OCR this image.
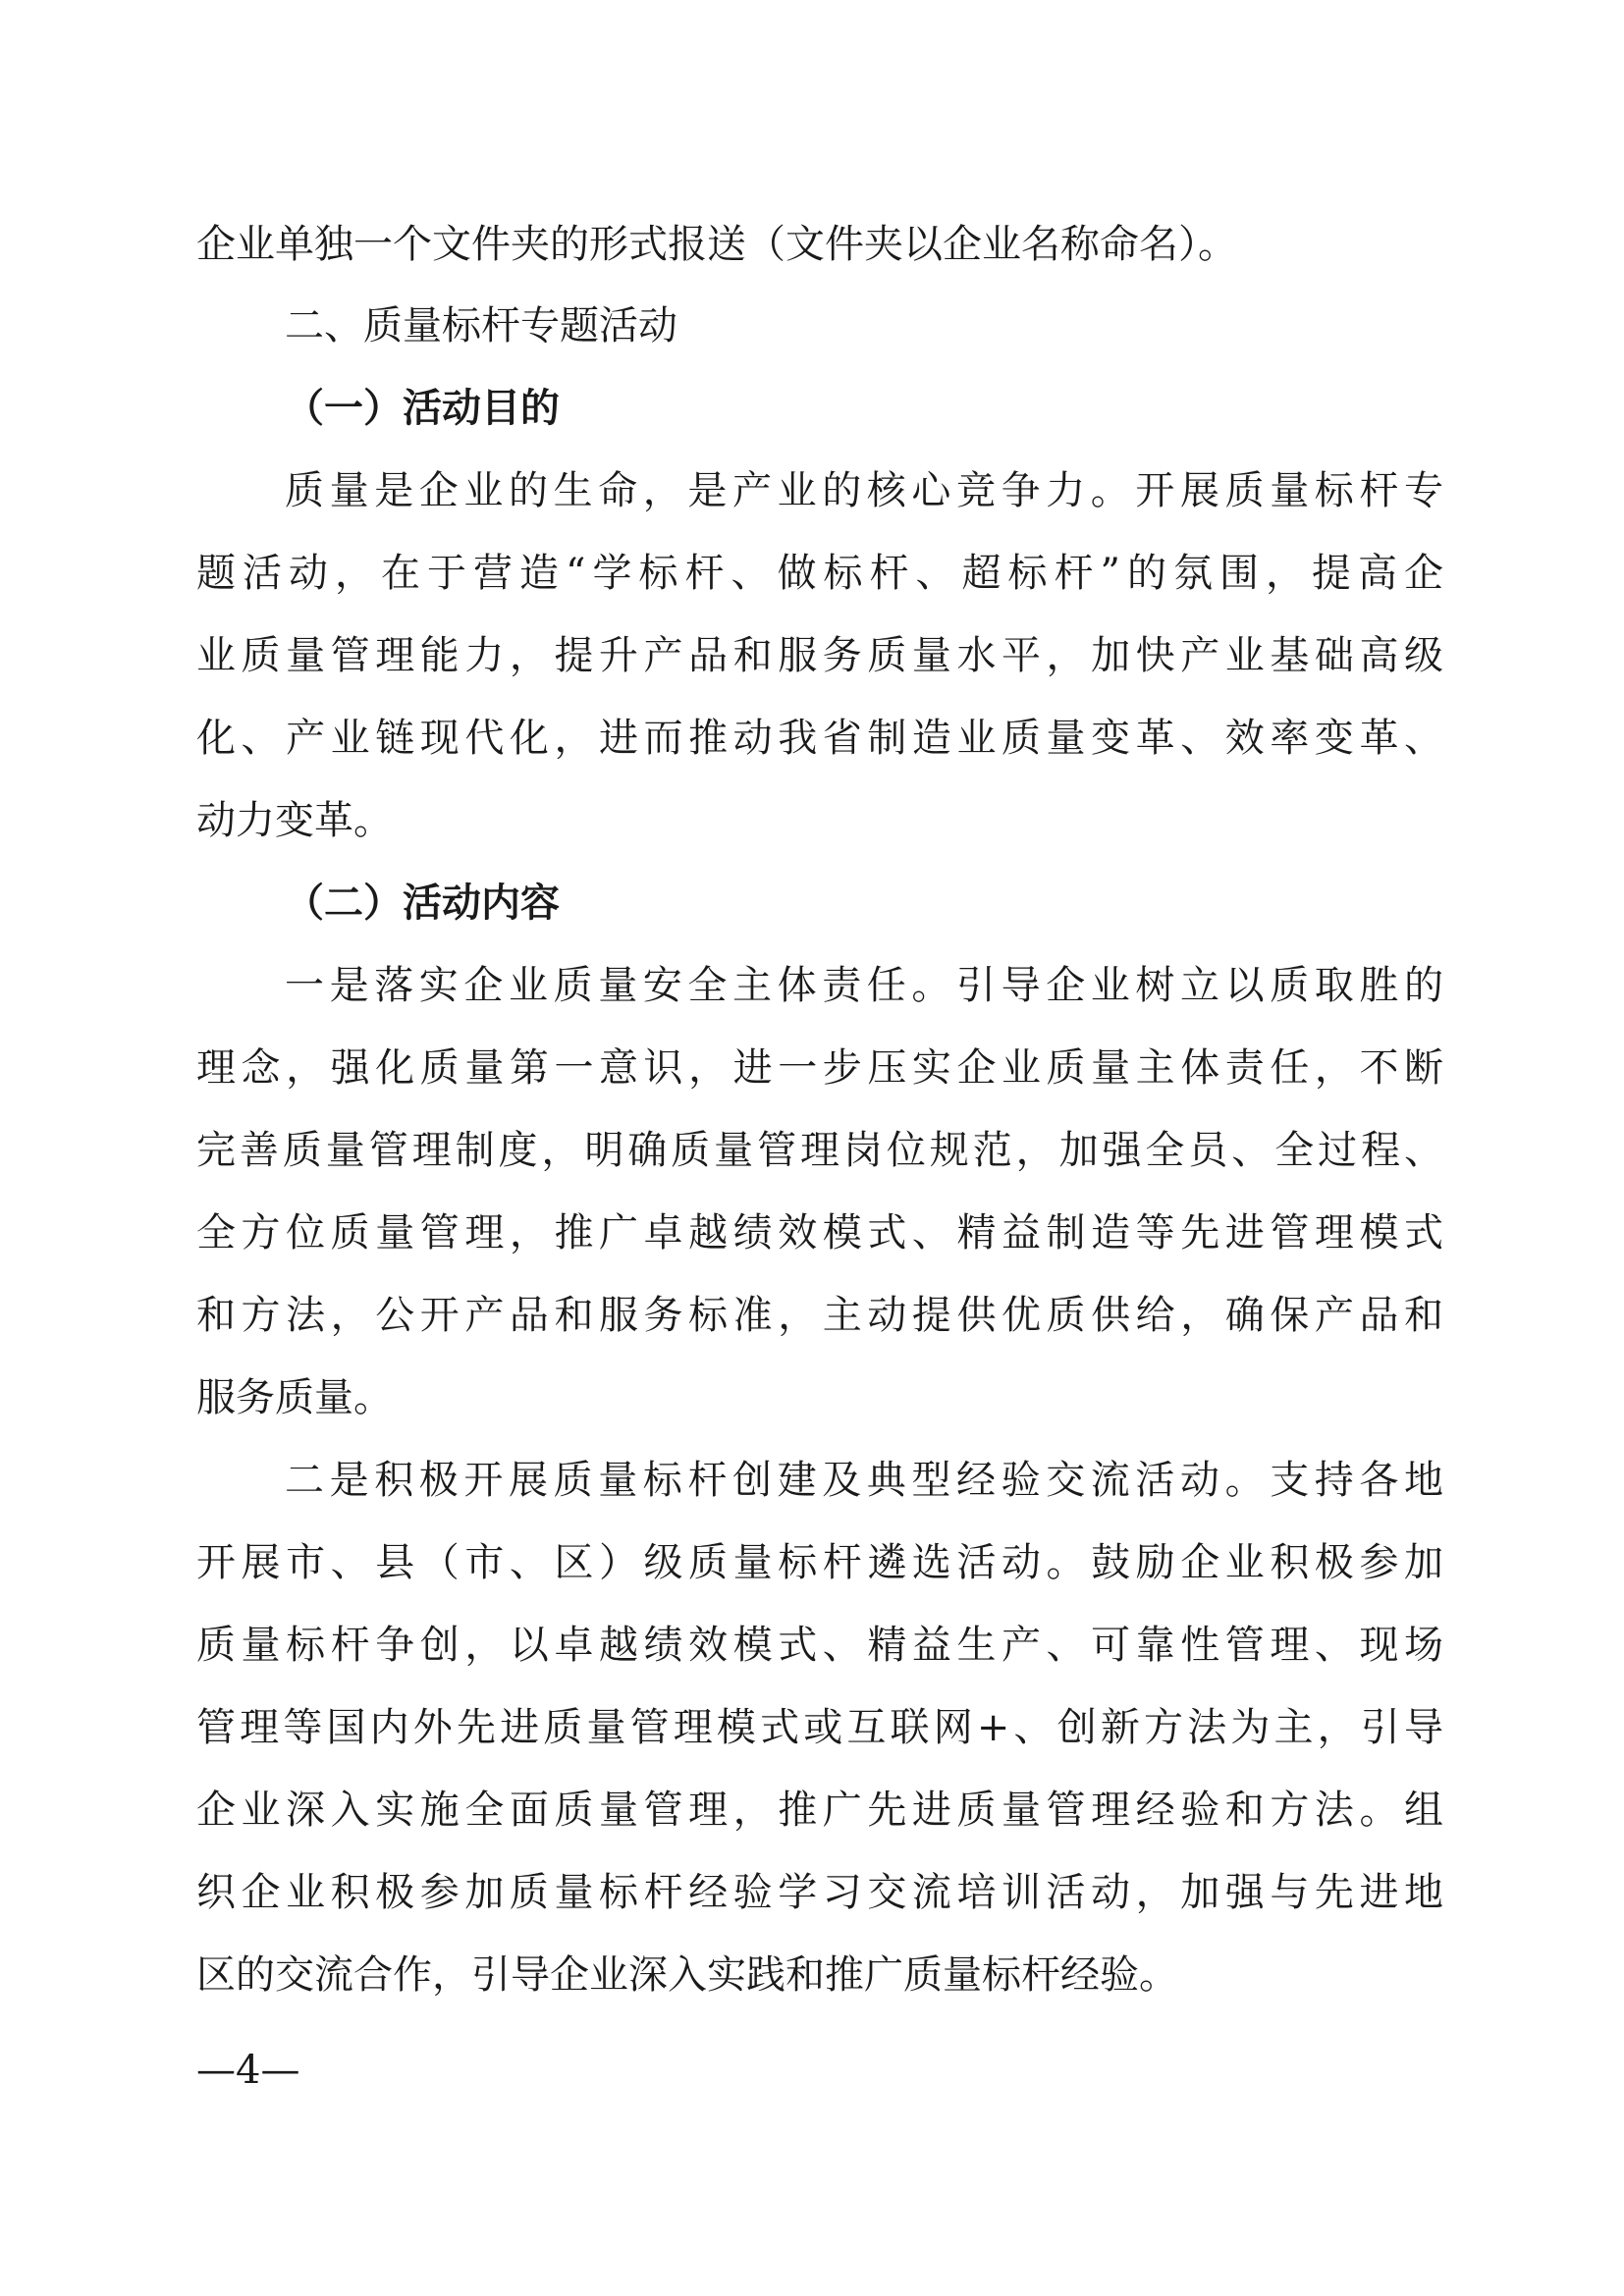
企业单独一个文件夹的形式报送（文件夹以企业名称命名）。
二、质量标杆专题活动
（一）活动目的
质量是企业的生命，是产业的核心竞争力。开展质量标杆专
题活动，在于营造“学标杆、做标杆、超标杆”的氛围，提高企
业质量管理能力，提升产品和服务质量水平，加快产业基础高级
化、产业链现代化，进而推动我省制造业质量变革、效率变革、
动力变革。
（二）活动内容
一是落实企业质量安全主体责任。引导企业树立以质取胜的
理念，强化质量第一意识，进一步压实企业质量主体责任，不断
完善质量管理制度，明确质量管理岗位规范，加强全员、全过程、
全方位质量管理，推广卓越绩效模式、精益制造等先进管理模式
和方法，公开产品和服务标准，主动提供优质供给，确保产品和
服务质量。
二是积极开展质量标杆创建及典型经验交流活动。支持各地
开展市、县（市、区）级质量标杆遴选活动。鼓励企业积极参加
质量标杆争创，以卓越绩效模式、精益生产、可靠性管理、现场
管理等国内外先进质量管理模式或互联网+、创新方法为主，引导
企业深入实施全面质量管理，推广先进质量管理经验和方法。组
织企业积极参加质量标杆经验学习交流培训活动，加强与先进地
区的交流合作，引导企业深入实践和推广质量标杆经验。
—4—
